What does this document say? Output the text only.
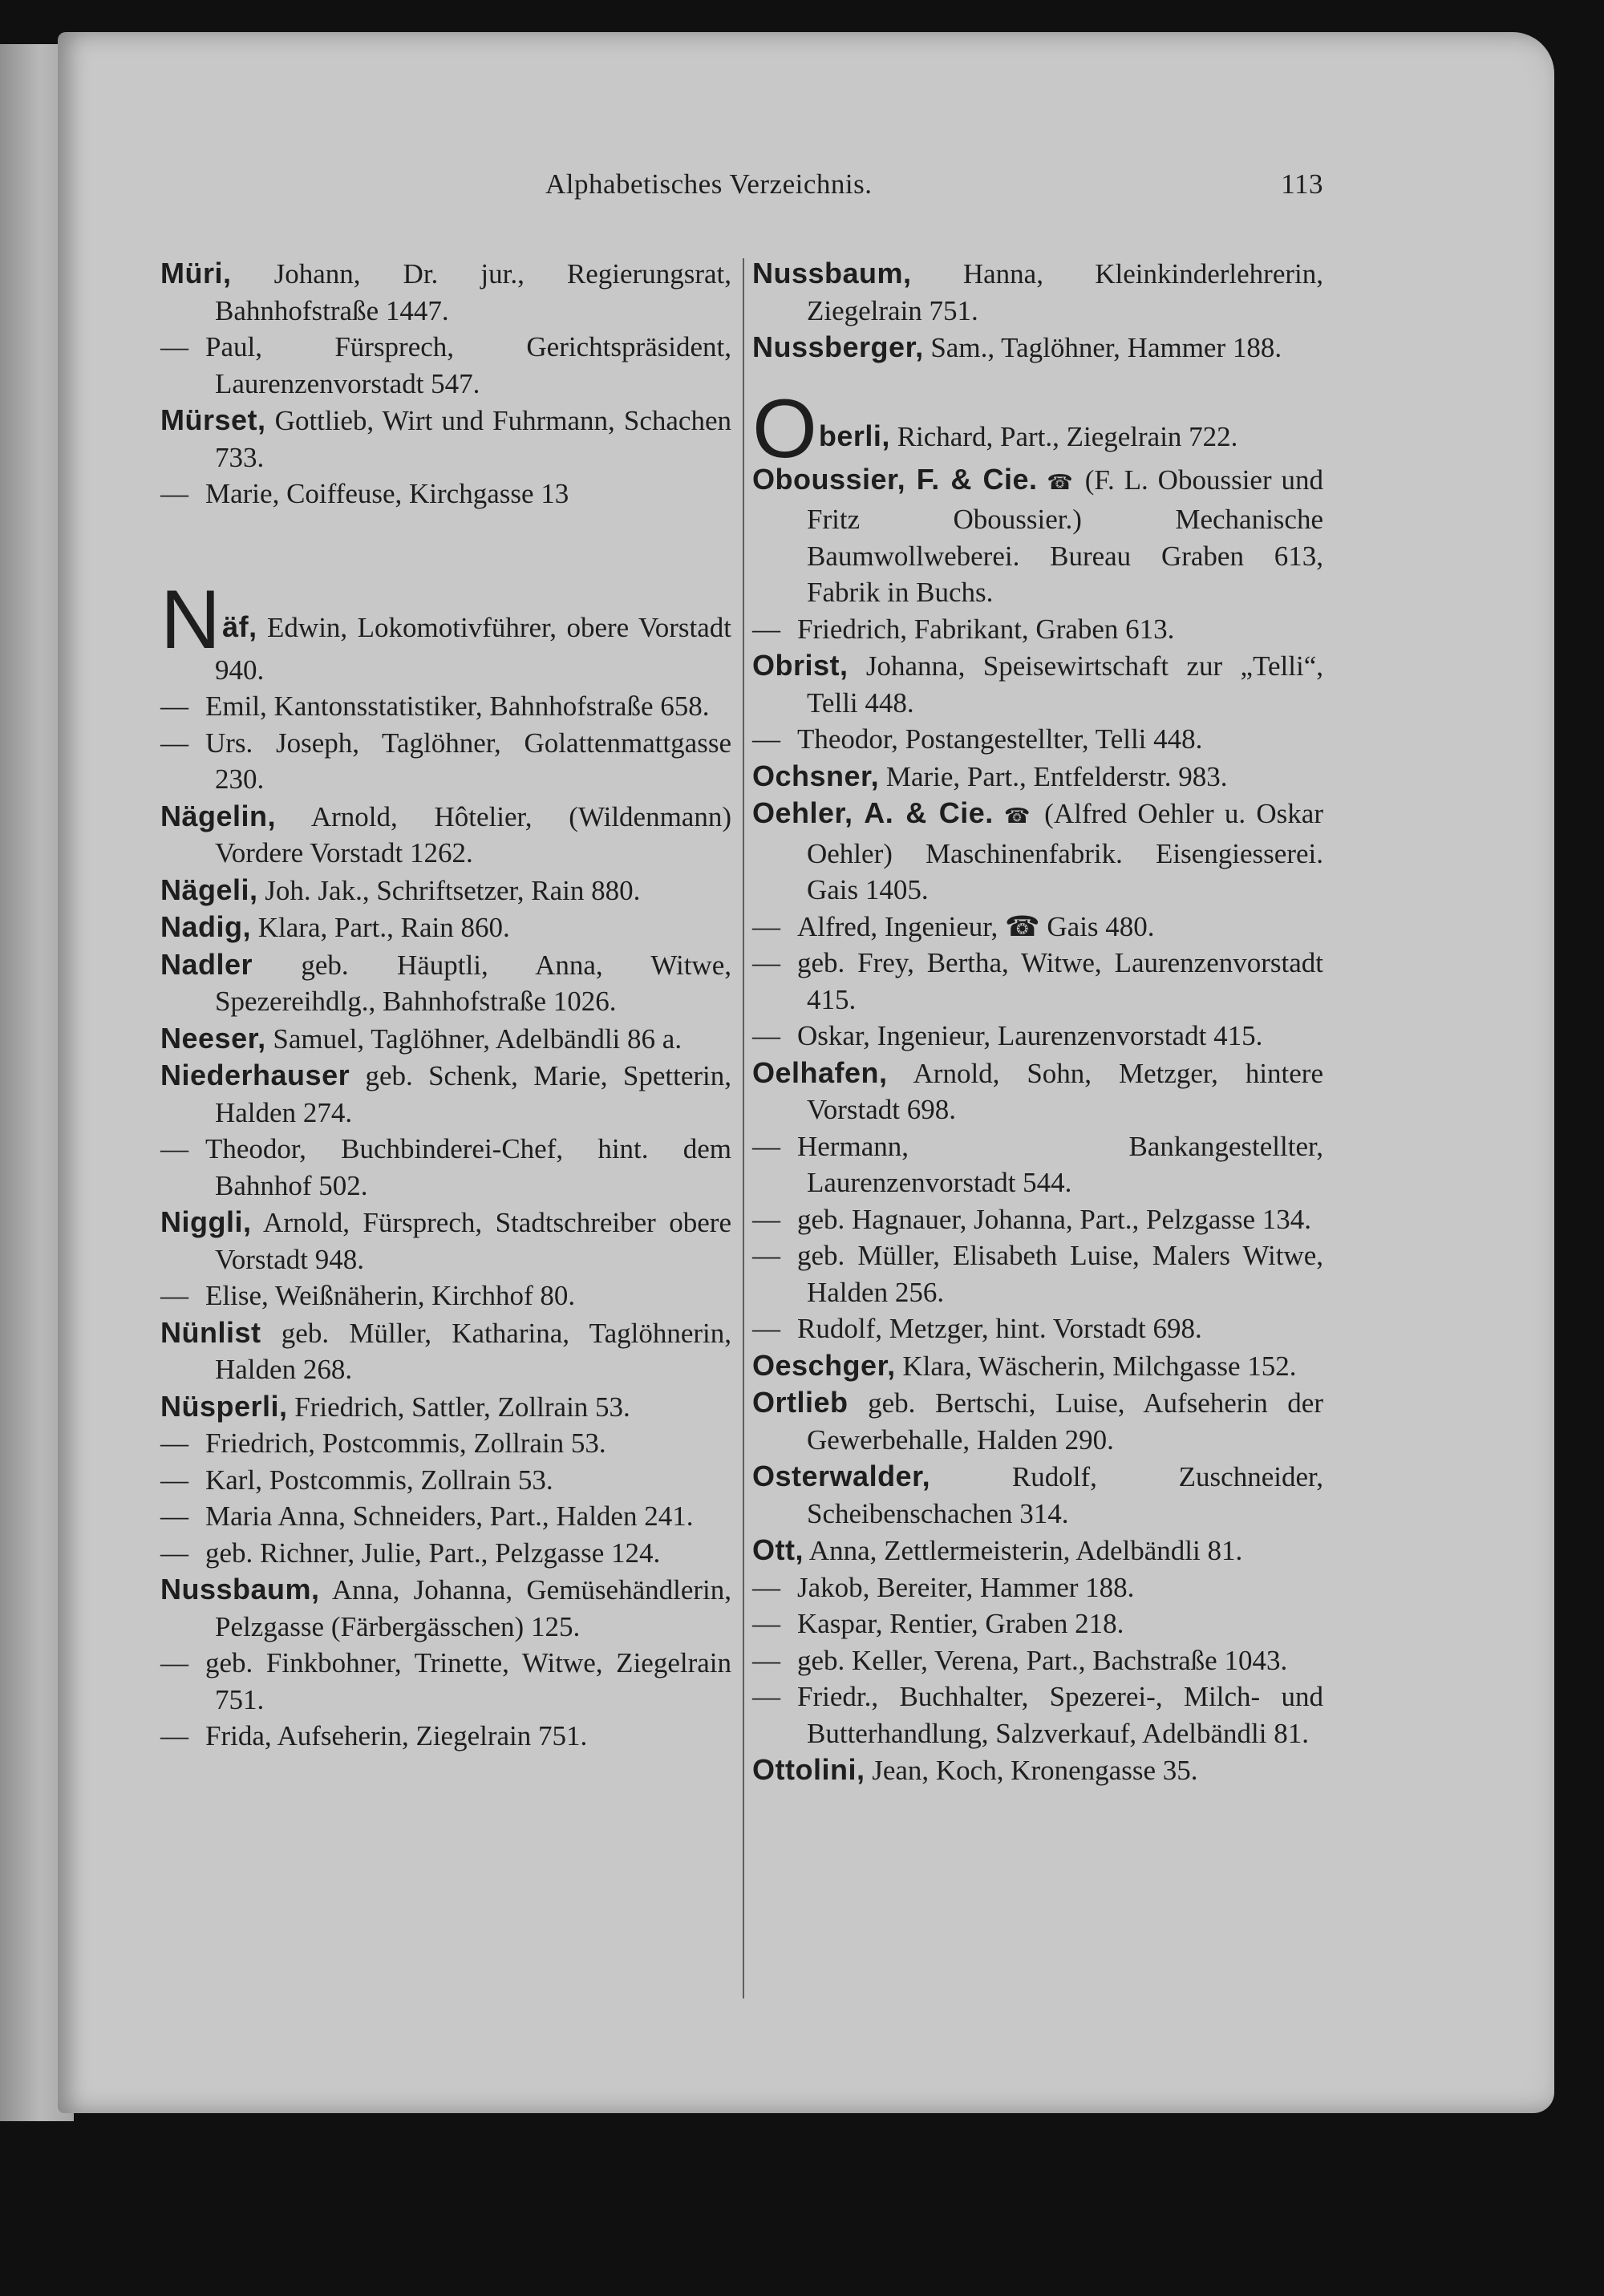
Alphabetisches Verzeichnis.	113

Müri, Johann, Dr. jur., Regierungsrat, Bahnhofstraße 1447.

— Paul, Fürsprech, Gerichtspräsident, Laurenzenvorstadt 547.

Mürset, Gottlieb, Wirt und Fuhrmann, Schachen 733.

— Marie, Coiffeuse, Kirchgasse 13

Näf, Edwin, Lokomotivführer, obere Vorstadt 940.

— Emil, Kantonsstatistiker, Bahnhofstraße 658.

— Urs. Joseph, Taglöhner, Golattenmattgasse 230.

Nägelin, Arnold, Hôtelier, (Wildenmann) Vordere Vorstadt 1262.

Nägeli, Joh. Jak., Schriftsetzer, Rain 880.

Nadig, Klara, Part., Rain 860.

Nadler geb. Häuptli, Anna, Witwe, Spezereihdlg., Bahnhofstraße 1026.

Neeser, Samuel, Taglöhner, Adelbändli 86 a.

Niederhauser geb. Schenk, Marie, Spetterin, Halden 274.

— Theodor, Buchbinderei-Chef, hint. dem Bahnhof 502.

Niggli, Arnold, Fürsprech, Stadtschreiber obere Vorstadt 948.

— Elise, Weißnäherin, Kirchhof 80.

Nünlist geb. Müller, Katharina, Taglöhnerin, Halden 268.

Nüsperli, Friedrich, Sattler, Zollrain 53.

— Friedrich, Postcommis, Zollrain 53.

— Karl, Postcommis, Zollrain 53.

— Maria Anna, Schneiders, Part., Halden 241.

— geb. Richner, Julie, Part., Pelzgasse 124.

Nussbaum, Anna, Johanna, Gemüsehändlerin, Pelzgasse (Färbergässchen) 125.

— geb. Finkbohner, Trinette, Witwe, Ziegelrain 751.

— Frida, Aufseherin, Ziegelrain 751.

Nussbaum, Hanna, Kleinkinderlehrerin, Ziegelrain 751.

Nussberger, Sam., Taglöhner, Hammer 188.

Oberli, Richard, Part., Ziegelrain 722.

Oboussier, F. & Cie. ☎ (F. L. Oboussier und Fritz Oboussier.) Mechanische Baumwollweberei. Bureau Graben 613, Fabrik in Buchs.

— Friedrich, Fabrikant, Graben 613.

Obrist, Johanna, Speisewirtschaft zur „Telli“, Telli 448.

— Theodor, Postangestellter, Telli 448.

Ochsner, Marie, Part., Entfelderstr. 983.

Oehler, A. & Cie. ☎ (Alfred Oehler u. Oskar Oehler) Maschinenfabrik. Eisengiesserei. Gais 1405.

— Alfred, Ingenieur, ☎ Gais 480.

— geb. Frey, Bertha, Witwe, Laurenzenvorstadt 415.

— Oskar, Ingenieur, Laurenzenvorstadt 415.

Oelhafen, Arnold, Sohn, Metzger, hintere Vorstadt 698.

— Hermann, Bankangestellter, Laurenzenvorstadt 544.

— geb. Hagnauer, Johanna, Part., Pelzgasse 134.

— geb. Müller, Elisabeth Luise, Malers Witwe, Halden 256.

— Rudolf, Metzger, hint. Vorstadt 698.

Oeschger, Klara, Wäscherin, Milchgasse 152.

Ortlieb geb. Bertschi, Luise, Aufseherin der Gewerbehalle, Halden 290.

Osterwalder, Rudolf, Zuschneider, Scheibenschachen 314.

Ott, Anna, Zettlermeisterin, Adelbändli 81.

— Jakob, Bereiter, Hammer 188.

— Kaspar, Rentier, Graben 218.

— geb. Keller, Verena, Part., Bachstraße 1043.

— Friedr., Buchhalter, Spezerei-, Milch- und Butterhandlung, Salzverkauf, Adelbändli 81.

Ottolini, Jean, Koch, Kronengasse 35.
